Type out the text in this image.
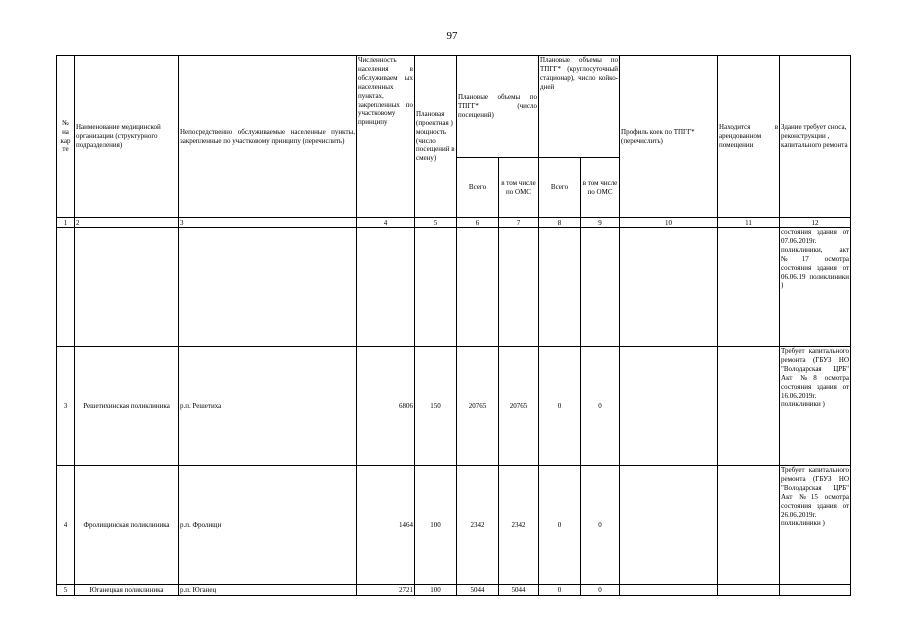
97
№ на кар те	Наименование медицинской организации (структурного подразделения)	Непосредственно обслуживаемые населенные пункты, закрепленные по участковому принципу (перечислить)	Численность населения в обслуживаем ых населенных пунктах, закрепленных по участковому принципу	Плановая (проектная ) мощность (число посещений в смену)	Плановые объемы по ТПГГ* (число посещений)		Плановые объемы по ТПГГ* (круглосуточный стационар), число койко-дней		Профиль коек по ТПГГ* (перечислить)	Находится в арендованном помещении	Здание требует сноса, реконструкции , капитального ремонта
					Всего	в том числе по ОМС	Всего	в том числе по ОМС			
1	2	3	4	5	6	7	8	9	10	11	12
											состояния здания от 07.06.2019г. поликлиники, акт №17 осмотра состояния здания от 06.06.19 поликлиники )
3	Решетихинская поликлиника	р.п. Решетиха	6806	150	20765	20765	0	0			Требует капитального ремонта (ГБУЗ НО "Володарская ЦРБ" Акт №8 осмотра состояния здания от 16.06.2019г. поликлиники )
4	Фролищинская поликлиника	р.п. Фролищи	1464	100	2342	2342	0	0			Требует капитального ремонта (ГБУЗ НО "Володарская ЦРБ" Акт №15 осмотра состояния здания от 26.06.2019г. поликлиники )
5	Юганецкая поликлиника	р.п. Юганец	2721	100	5044	5044	0	0			
